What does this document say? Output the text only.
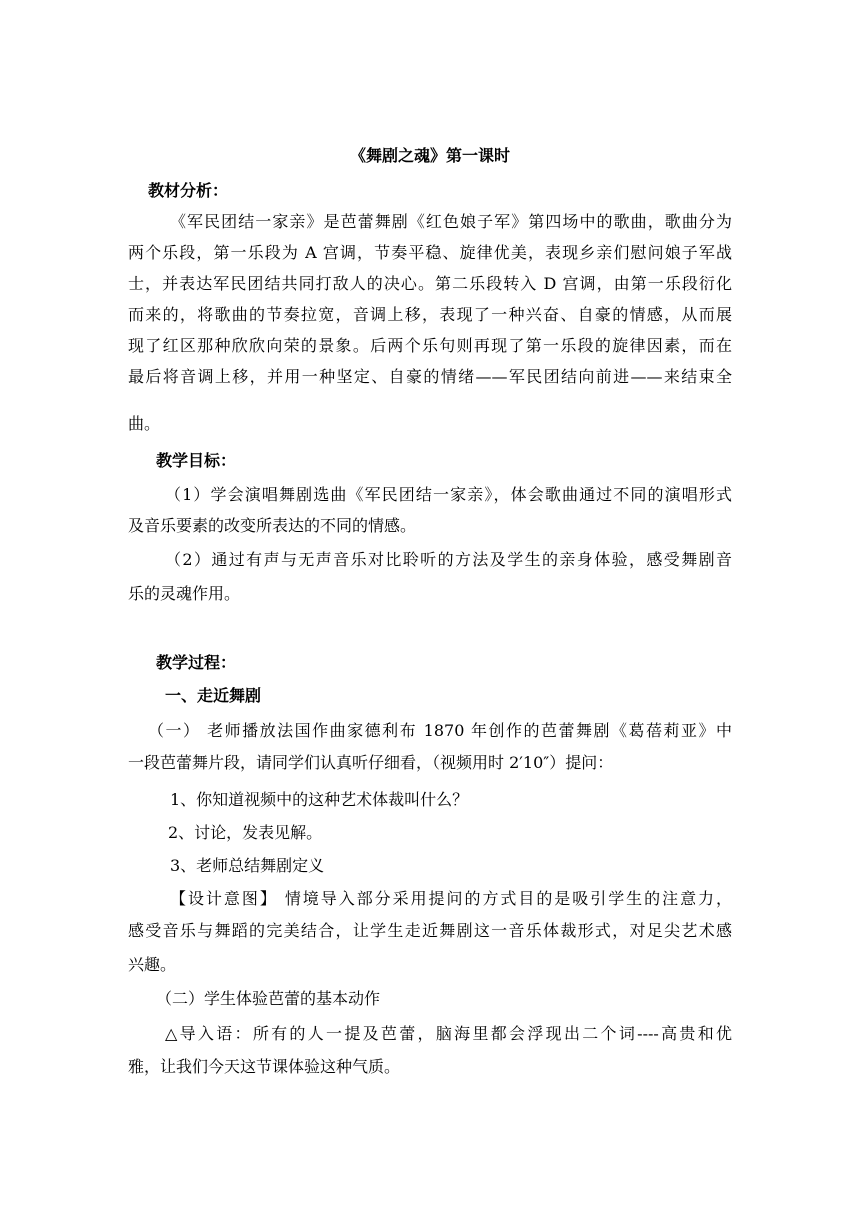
《舞剧之魂》第一课时
教材分析：
《军民团结一家亲》是芭蕾舞剧《红色娘子军》第四场中的歌曲，歌曲分为
两个乐段，第一乐段为 A 宫调，节奏平稳、旋律优美，表现乡亲们慰问娘子军战
士，并表达军民团结共同打敌人的决心。第二乐段转入 D 宫调，由第一乐段衍化
而来的，将歌曲的节奏拉宽，音调上移，表现了一种兴奋、自豪的情感，从而展
现了红区那种欣欣向荣的景象。后两个乐句则再现了第一乐段的旋律因素，而在
最后将音调上移，并用一种坚定、自豪的情绪——军民团结向前进——来结束全
曲。
教学目标：
（1）学会演唱舞剧选曲《军民团结一家亲》，体会歌曲通过不同的演唱形式
及音乐要素的改变所表达的不同的情感。
（2）通过有声与无声音乐对比聆听的方法及学生的亲身体验，感受舞剧音
乐的灵魂作用。
教学过程：
一、走近舞剧
（一） 老师播放法国作曲家德利布 1870 年创作的芭蕾舞剧《葛蓓莉亚》中
一段芭蕾舞片段，请同学们认真听仔细看，（视频用时 2′10″）提问：
1、你知道视频中的这种艺术体裁叫什么？
2、讨论，发表见解。
3、老师总结舞剧定义
【设计意图】 情境导入部分采用提问的方式目的是吸引学生的注意力，
感受音乐与舞蹈的完美结合，让学生走近舞剧这一音乐体裁形式，对足尖艺术感
兴趣。
（二）学生体验芭蕾的基本动作
△导入语：所有的人一提及芭蕾，脑海里都会浮现出二个词----高贵和优
雅，让我们今天这节课体验这种气质。
